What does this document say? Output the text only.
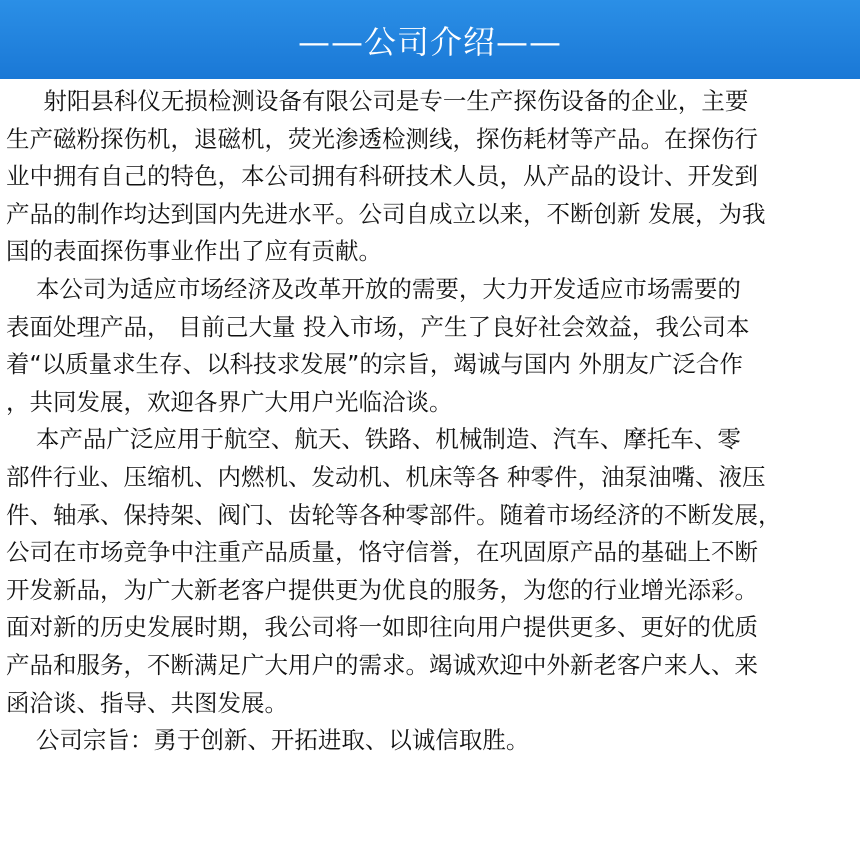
——公司介绍——
射阳县科仪无损检测设备有限公司是专一生产探伤设备的企业，主要
生产磁粉探伤机，退磁机，荧光渗透检测线，探伤耗材等产品。在探伤行
业中拥有自己的特色，本公司拥有科研技术人员，从产品的设计、开发到
产品的制作均达到国内先进水平。公司自成立以来，不断创新 发展，为我
国的表面探伤事业作出了应有贡献。
本公司为适应市场经济及改革开放的需要，大力开发适应市场需要的
表面处理产品， 目前己大量 投入市场，产生了良好社会效益，我公司本
着“以质量求生存、以科技求发展”的宗旨，竭诚与国内 外朋友广泛合作
，共同发展，欢迎各界广大用户光临洽谈。
本产品广泛应用于航空、航天、铁路、机械制造、汽车、摩托车、零
部件行业、压缩机、内燃机、发动机、机床等各 种零件，油泵油嘴、液压
件、轴承、保持架、阀门、齿轮等各种零部件。随着市场经济的不断发展，
公司在市场竞争中注重产品质量，恪守信誉，在巩固原产品的基础上不断
开发新品，为广大新老客户提供更为优良的服务，为您的行业增光添彩。
面对新的历史发展时期，我公司将一如即往向用户提供更多、更好的优质
产品和服务，不断满足广大用户的需求。竭诚欢迎中外新老客户来人、来
函洽谈、指导、共图发展。
公司宗旨：勇于创新、开拓进取、以诚信取胜。
